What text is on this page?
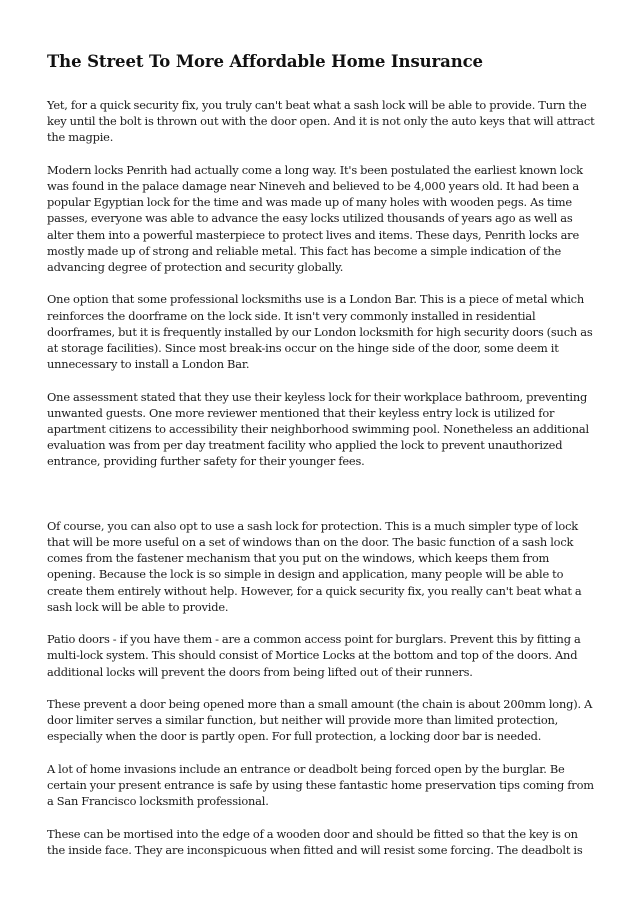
The Street To More Affordable Home Insurance

Yet, for a quick security fix, you truly can't beat what a sash lock will be able to provide. Turn the key until the bolt is thrown out with the door open. And it is not only the auto keys that will attract the magpie.

Modern locks Penrith had actually come a long way. It's been postulated the earliest known lock was found in the palace damage near Nineveh and believed to be 4,000 years old. It had been a popular Egyptian lock for the time and was made up of many holes with wooden pegs. As time passes, everyone was able to advance the easy locks utilized thousands of years ago as well as alter them into a powerful masterpiece to protect lives and items. These days, Penrith locks are mostly made up of strong and reliable metal. This fact has become a simple indication of the advancing degree of protection and security globally.

One option that some professional locksmiths use is a London Bar. This is a piece of metal which reinforces the doorframe on the lock side. It isn't very commonly installed in residential doorframes, but it is frequently installed by our London locksmith for high security doors (such as at storage facilities). Since most break-ins occur on the hinge side of the door, some deem it unnecessary to install a London Bar.

One assessment stated that they use their keyless lock for their workplace bathroom, preventing unwanted guests. One more reviewer mentioned that their keyless entry lock is utilized for apartment citizens to accessibility their neighborhood swimming pool. Nonetheless an additional evaluation was from per day treatment facility who applied the lock to prevent unauthorized entrance, providing further safety for their younger fees.

Of course, you can also opt to use a sash lock for protection. This is a much simpler type of lock that will be more useful on a set of windows than on the door. The basic function of a sash lock comes from the fastener mechanism that you put on the windows, which keeps them from opening. Because the lock is so simple in design and application, many people will be able to create them entirely without help. However, for a quick security fix, you really can't beat what a sash lock will be able to provide.

Patio doors - if you have them - are a common access point for burglars. Prevent this by fitting a multi-lock system. This should consist of Mortice Locks at the bottom and top of the doors. And additional locks will prevent the doors from being lifted out of their runners.

These prevent a door being opened more than a small amount (the chain is about 200mm long). A door limiter serves a similar function, but neither will provide more than limited protection, especially when the door is partly open. For full protection, a locking door bar is needed.

A lot of home invasions include an entrance or deadbolt being forced open by the burglar. Be certain your present entrance is safe by using these fantastic home preservation tips coming from a San Francisco locksmith professional.

These can be mortised into the edge of a wooden door and should be fitted so that the key is on the inside face. They are inconspicuous when fitted and will resist some forcing. The deadbolt is
